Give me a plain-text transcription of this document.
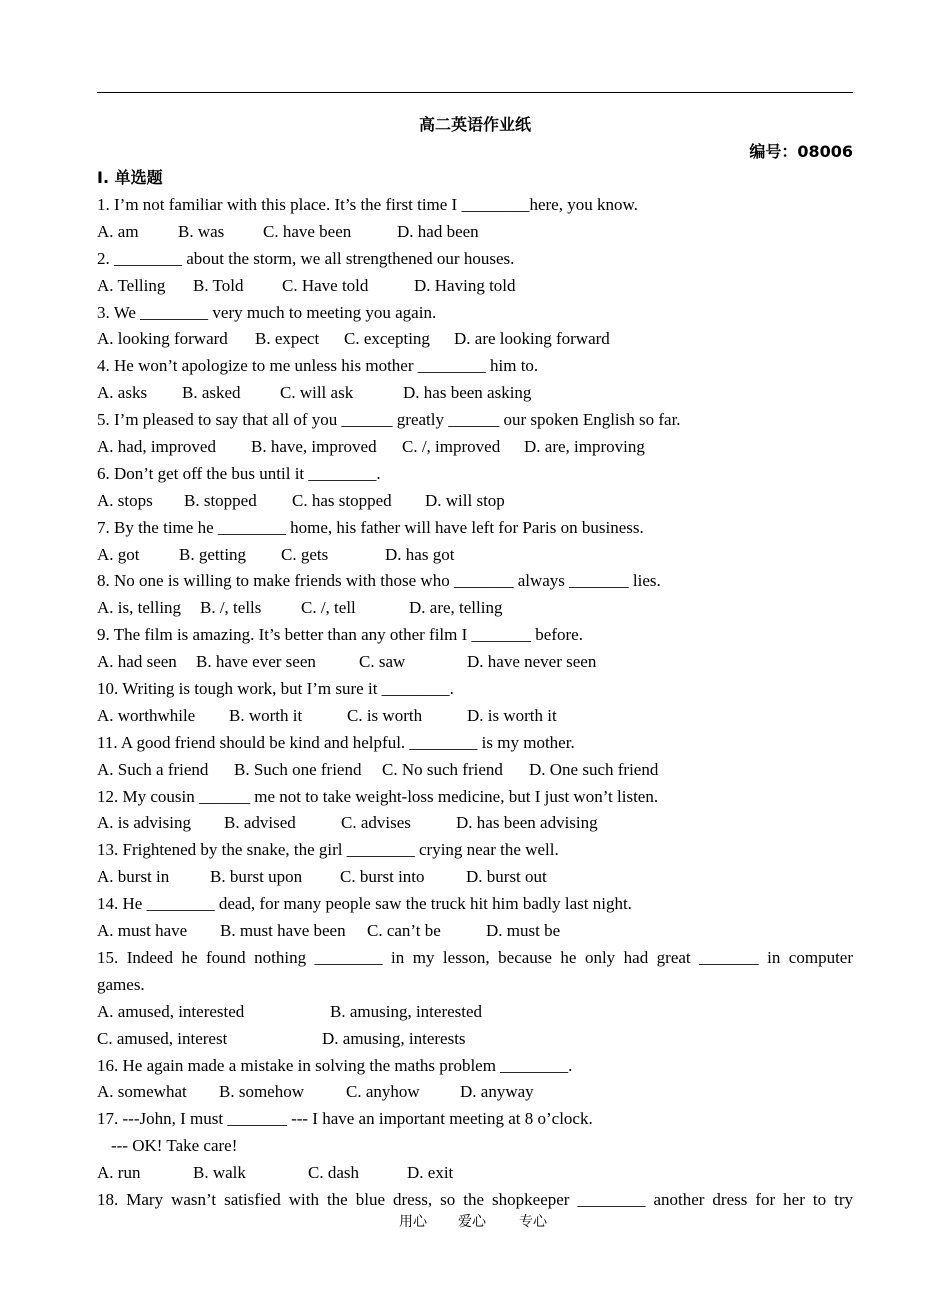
高二英语作业纸
编号：08006
Ⅰ. 单选题
1. I’m not familiar with this place. It’s the first time I ________here, you know.
A. am B. was C. have been	D. had been
2. ________ about the storm, we all strengthened our houses.
A. Telling B. Told C. Have told	D. Having told
3. We ________ very much to meeting you again.
A. looking forward B. expect C. excepting D. are looking forward
4. He won’t apologize to me unless his mother ________ him to.
A. asks B. asked C. will ask	D. has been asking
5. I’m pleased to say that all of you ______ greatly ______ our spoken English so far.
A. had, improved B. have, improved C. /, improved D. are, improving
6. Don’t get off the bus until it ________.
A. stops B. stopped C. has stopped D. will stop
7. By the time he ________ home, his father will have left for Paris on business.
A. got B. getting C. gets	D. has got
8. No one is willing to make friends with those who _______ always _______ lies.
A. is, telling B. /, tells C. /, tell	D. are, telling
9. The film is amazing. It’s better than any other film I _______ before.
A. had seen B. have ever seen	C. saw	D. have never seen
10. Writing is tough work, but I’m sure it ________.
A. worthwhile B. worth it	C. is worth	D. is worth it
11. A good friend should be kind and helpful. ________ is my mother.
A. Such a friend B. Such one friend C. No such friend D. One such friend
12. My cousin ______ me not to take weight-loss medicine, but I just won’t listen.
A. is advising B. advised	C. advises	D. has been advising
13. Frightened by the snake, the girl ________ crying near the well.
A. burst in B. burst upon C. burst into D. burst out
14. He ________ dead, for many people saw the truck hit him badly last night.
A. must have B. must have been C. can’t be	D. must be
15. Indeed he found nothing ________ in my lesson, because he only had great _______ in computer
games.
A. amused, interested	B. amusing, interested
C. amused, interest	D. amusing, interests
16. He again made a mistake in solving the maths problem ________.
A. somewhat B. somehow C. anyhow D. anyway
17. ---John, I must _______ --- I have an important meeting at 8 o’clock.
--- OK! Take care!
A. run	B. walk	C. dash	D. exit
18. Mary wasn’t satisfied with the blue dress, so the shopkeeper ________ another dress for her to try
用心 爱心 专心
